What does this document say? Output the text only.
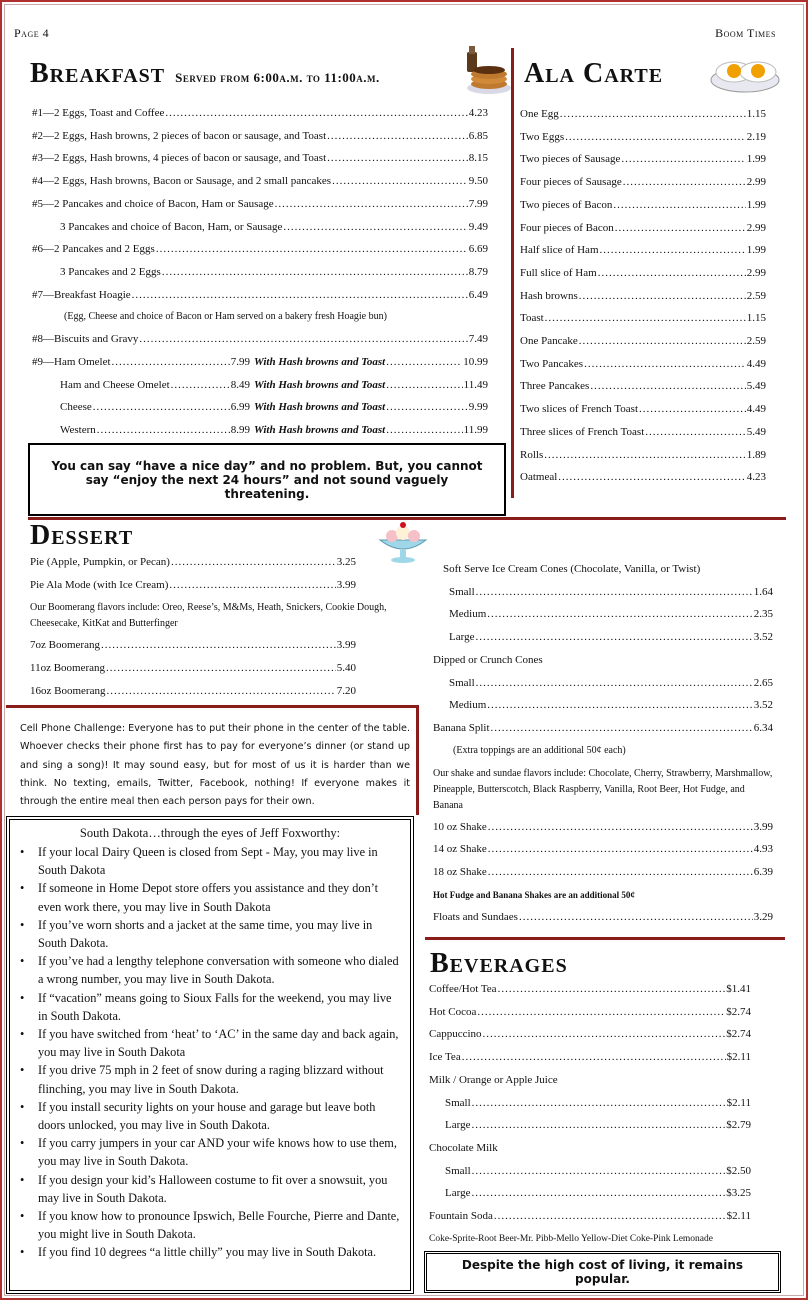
Page 4	Boom Times
Breakfast Served from 6:00a.m. to 11:00a.m.
#1—2 Eggs, Toast and Coffee .....	4.23
#2—2 Eggs, Hash browns, 2 pieces of bacon or sausage, and Toast .....	6.85
#3—2 Eggs, Hash browns, 4 pieces of bacon or sausage, and Toast .....	8.15
#4—2 Eggs, Hash browns, Bacon or Sausage, and 2 small pancakes .....	9.50
#5—2 Pancakes and choice of Bacon, Ham or Sausage .....	7.99
3 Pancakes and choice of Bacon, Ham, or Sausage .....	9.49
#6—2 Pancakes and 2 Eggs .....	6.69
3 Pancakes and 2 Eggs .....	8.79
#7—Breakfast Hoagie .....	6.49
(Egg, Cheese and choice of Bacon or Ham served on a bakery fresh Hoagie bun)
#8—Biscuits and Gravy .....	7.49
#9—Ham Omelet .....	7.99 With Hash browns and Toast .....	10.99
Ham and Cheese Omelet .....	8.49 With Hash browns and Toast .....	11.49
Cheese .....	6.99 With Hash browns and Toast .....	9.99
Western .....	8.99 With Hash browns and Toast .....	11.99
You can say “have a nice day” and no problem. But, you cannot say “enjoy the next 24 hours” and not sound vaguely threatening.
Ala Carte
One Egg .....	1.15
Two Eggs .....	2.19
Two pieces of Sausage .....	1.99
Four pieces of Sausage .....	2.99
Two pieces of Bacon .....	1.99
Four pieces of Bacon .....	2.99
Half slice of Ham .....	1.99
Full slice of Ham .....	2.99
Hash browns .....	2.59
Toast .....	1.15
One Pancake .....	2.59
Two Pancakes .....	4.49
Three Pancakes .....	5.49
Two slices of French Toast .....	4.49
Three slices of French Toast .....	5.49
Rolls .....	1.89
Oatmeal .....	4.23
Dessert
Pie (Apple, Pumpkin, or Pecan) .....	3.25
Pie Ala Mode (with Ice Cream) .....	3.99
Our Boomerang flavors include: Oreo, Reese’s, M&Ms, Heath, Snickers, Cookie Dough, Cheesecake, KitKat and Butterfinger
7oz Boomerang .....	3.99
11oz Boomerang .....	5.40
16oz Boomerang .....	7.20
Cell Phone Challenge: Everyone has to put their phone in the center of the table. Whoever checks their phone first has to pay for everyone’s dinner (or stand up and sing a song)! It may sound easy, but for most of us it is harder than we think. No texting, emails, Twitter, Facebook, nothing! If everyone makes it through the entire meal then each person pays for their own.
Soft Serve Ice Cream Cones (Chocolate, Vanilla, or Twist)
Small .....	1.64
Medium .....	2.35
Large .....	3.52
Dipped or Crunch Cones
Small .....	2.65
Medium .....	3.52
Banana Split .....	6.34
(Extra toppings are an additional 50¢ each)
Our shake and sundae flavors include: Chocolate, Cherry, Strawberry, Marshmallow, Pineapple, Butterscotch, Black Raspberry, Vanilla, Root Beer, Hot Fudge, and Banana
10 oz Shake .....	3.99
14 oz Shake .....	4.93
18 oz Shake .....	6.39
Hot Fudge and Banana Shakes are an additional 50¢
Floats and Sundaes .....	3.29
South Dakota…through the eyes of Jeff Foxworthy:
• If your local Dairy Queen is closed from Sept - May, you may live in South Dakota
• If someone in Home Depot store offers you assistance and they don’t even work there, you may live in South Dakota
• If you’ve worn shorts and a jacket at the same time, you may live in South Dakota.
• If you’ve had a lengthy telephone conversation with someone who dialed a wrong number, you may live in South Dakota.
• If “vacation” means going to Sioux Falls for the weekend, you may live in South Dakota.
• If you have switched from ‘heat’ to ‘AC’ in the same day and back again, you may live in South Dakota
• If you drive 75 mph in 2 feet of snow during a raging blizzard without flinching, you may live in South Dakota.
• If you install security lights on your house and garage but leave both doors unlocked, you may live in South Dakota.
• If you carry jumpers in your car AND your wife knows how to use them, you may live in South Dakota.
• If you design your kid’s Halloween costume to fit over a snowsuit, you may live in South Dakota.
• If you know how to pronounce Ipswich, Belle Fourche, Pierre and Dante, you might live in South Dakota.
• If you find 10 degrees “a little chilly” you may live in South Dakota.
Beverages
Coffee/Hot Tea .....	$1.41
Hot Cocoa .....	$2.74
Cappuccino .....	$2.74
Ice Tea .....	$2.11
Milk / Orange or Apple Juice
Small .....	$2.11
Large .....	$2.79
Chocolate Milk
Small .....	$2.50
Large .....	$3.25
Fountain Soda .....	$2.11
Coke-Sprite-Root Beer-Mr. Pibb-Mello Yellow-Diet Coke-Pink Lemonade
Despite the high cost of living, it remains popular.
